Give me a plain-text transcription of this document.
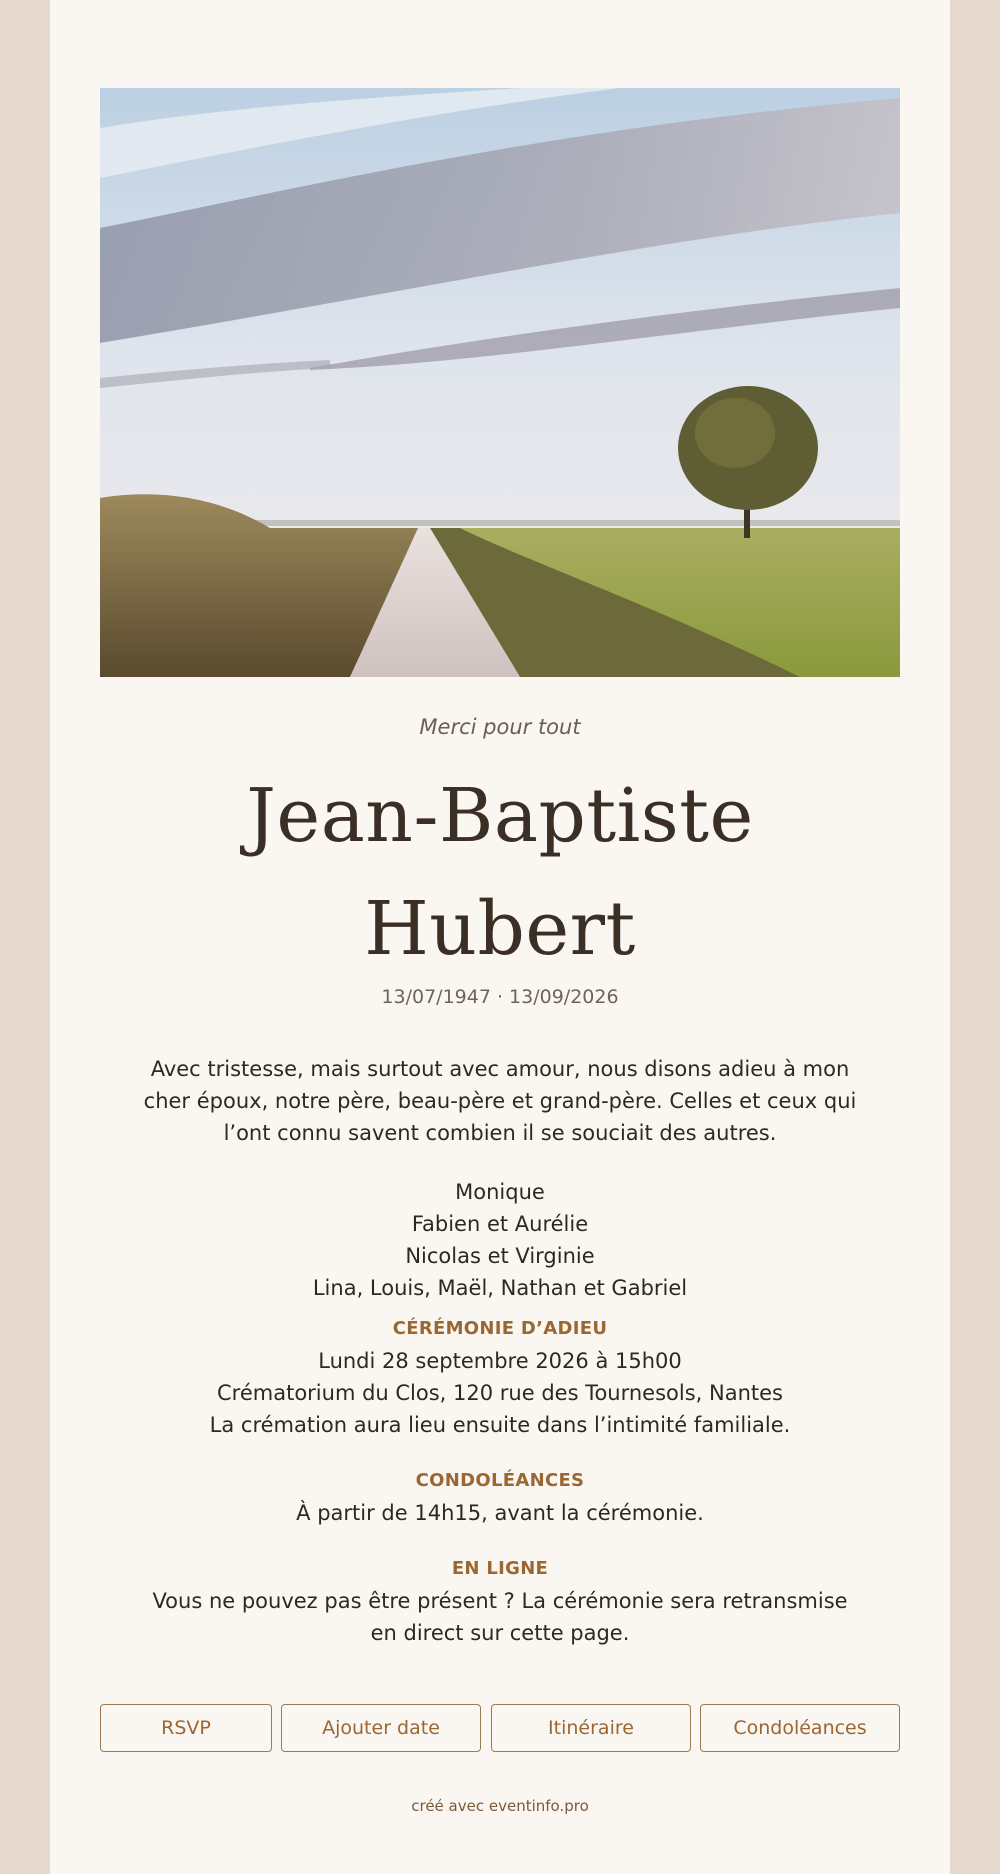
Merci pour tout
Jean-Baptiste
Hubert
13/07/1947 · 13/09/2026
Avec tristesse, mais surtout avec amour, nous disons adieu à mon cher époux, notre père, beau-père et grand-père. Celles et ceux qui l’ont connu savent combien il se souciait des autres.
Monique
Fabien et Aurélie
Nicolas et Virginie
Lina, Louis, Maël, Nathan et Gabriel
CÉRÉMONIE D’ADIEU
Lundi 28 septembre 2026 à 15h00
Crématorium du Clos, 120 rue des Tournesols, Nantes
La crémation aura lieu ensuite dans l’intimité familiale.
CONDOLÉANCES
À partir de 14h15, avant la cérémonie.
EN LIGNE
Vous ne pouvez pas être présent ? La cérémonie sera retransmise en direct sur cette page.
RSVP	Ajouter date	Itinéraire	Condoléances
créé avec eventinfo.pro
